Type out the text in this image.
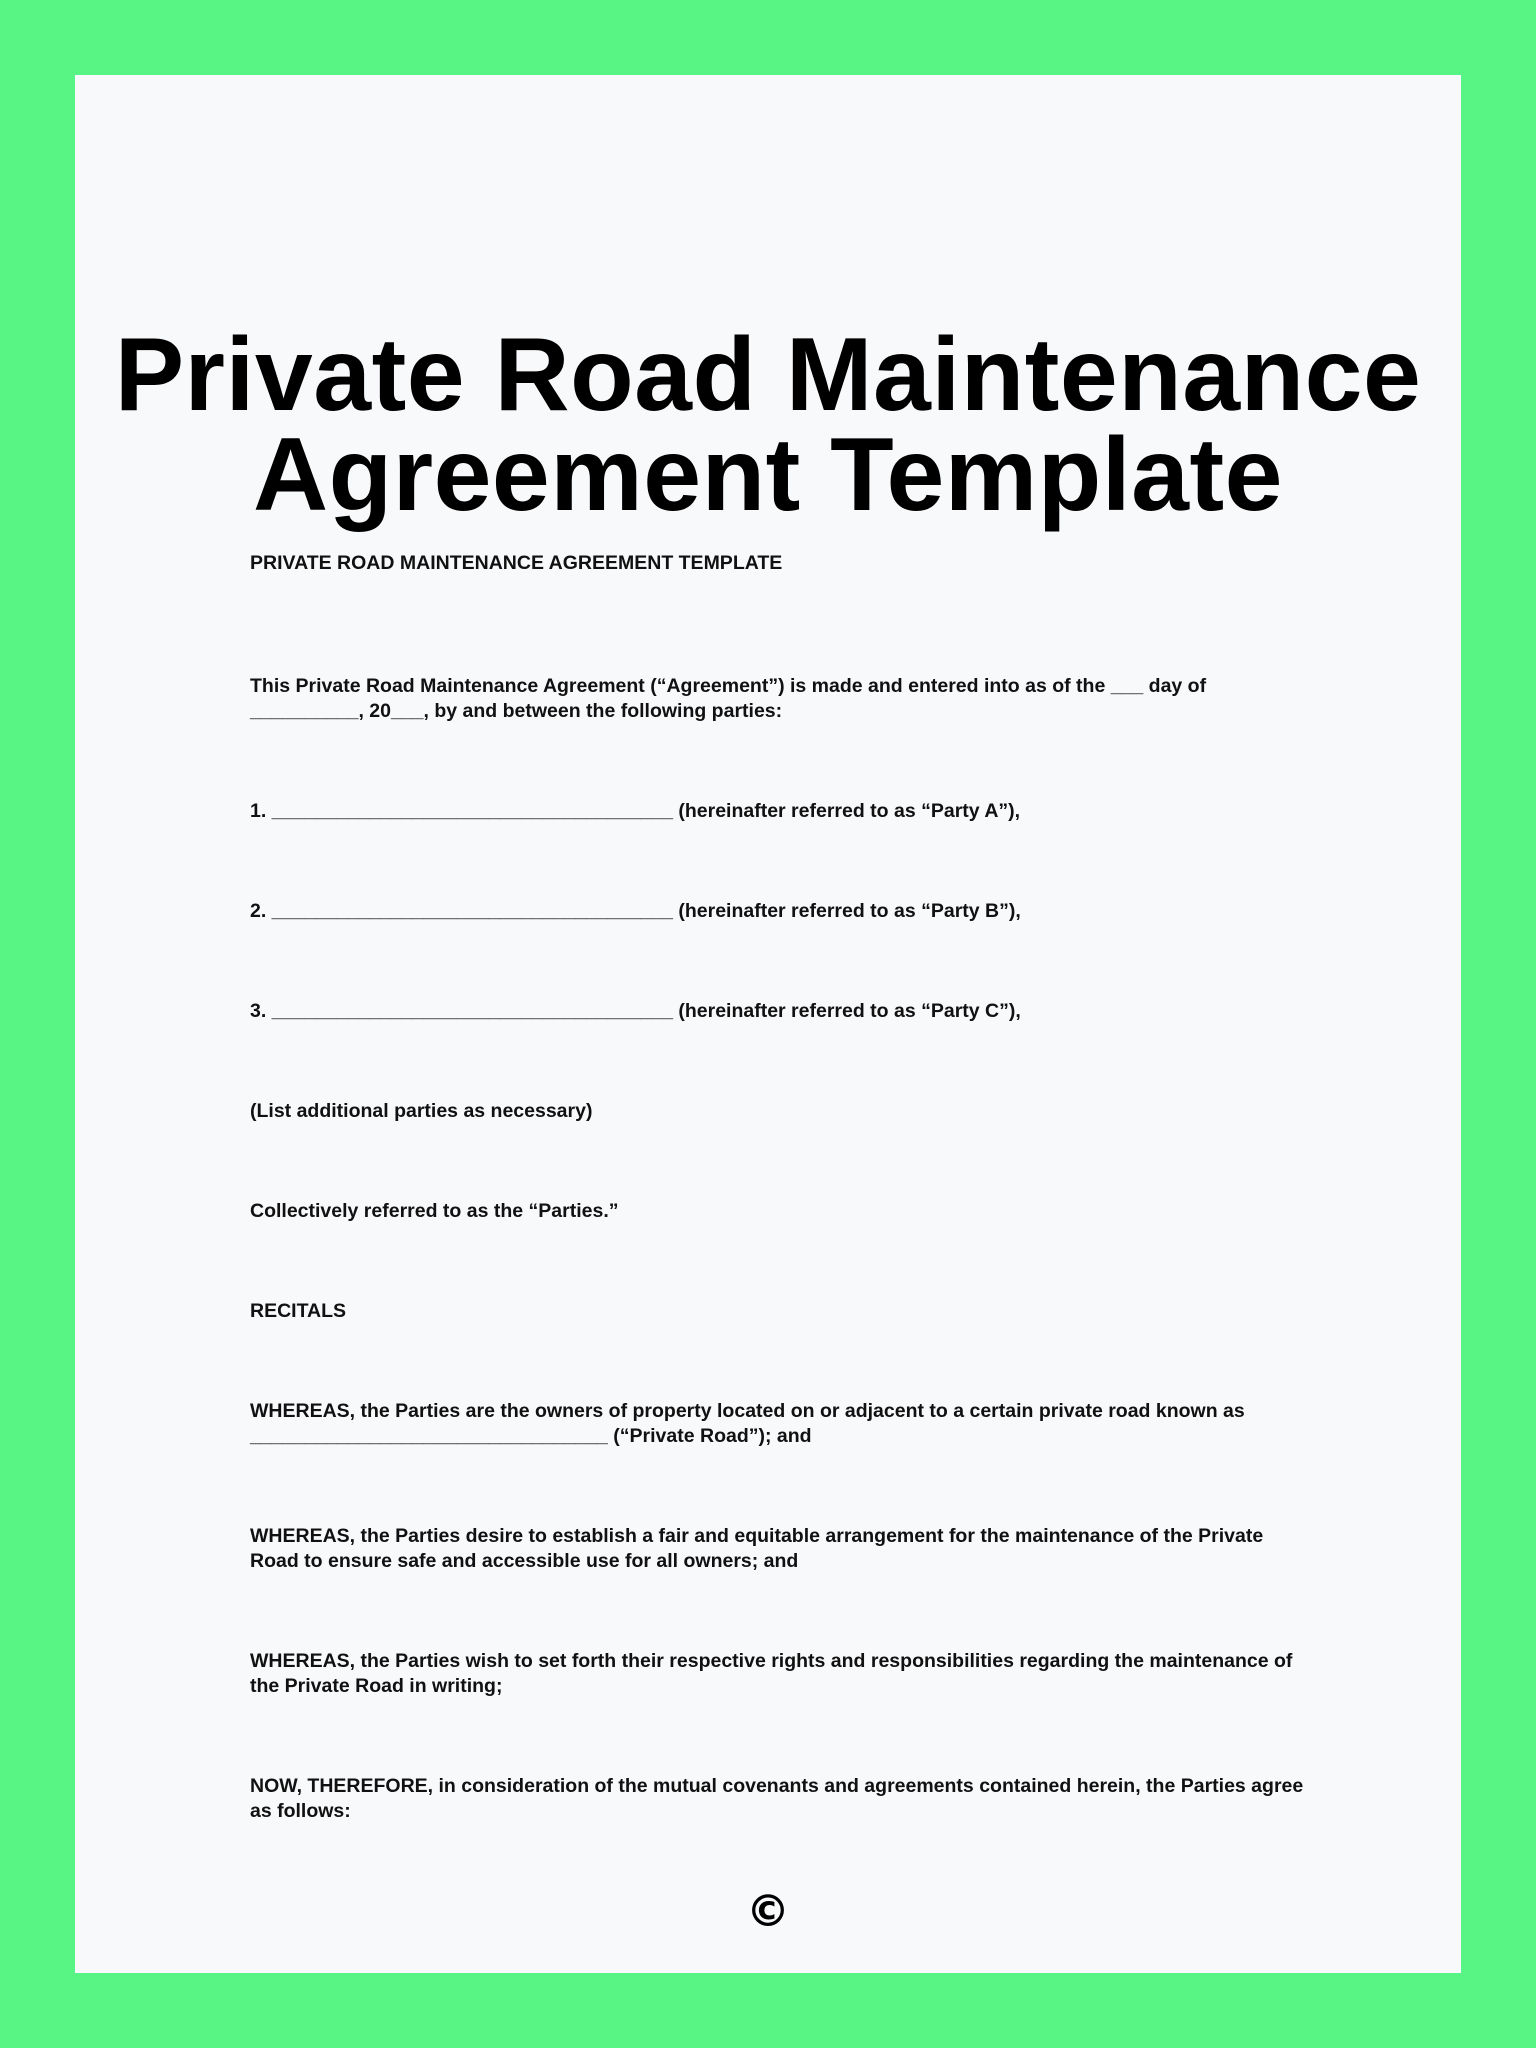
Private Road Maintenance Agreement Template

PRIVATE ROAD MAINTENANCE AGREEMENT TEMPLATE

This Private Road Maintenance Agreement (“Agreement”) is made and entered into as of the ___ day of __________, 20___, by and between the following parties:

1. _____________________________________ (hereinafter referred to as “Party A”),

2. _____________________________________ (hereinafter referred to as “Party B”),

3. _____________________________________ (hereinafter referred to as “Party C”),

(List additional parties as necessary)

Collectively referred to as the “Parties.”

RECITALS

WHEREAS, the Parties are the owners of property located on or adjacent to a certain private road known as _________________________________ (“Private Road”); and

WHEREAS, the Parties desire to establish a fair and equitable arrangement for the maintenance of the Private Road to ensure safe and accessible use for all owners; and

WHEREAS, the Parties wish to set forth their respective rights and responsibilities regarding the maintenance of the Private Road in writing;

NOW, THEREFORE, in consideration of the mutual covenants and agreements contained herein, the Parties agree as follows:

©
